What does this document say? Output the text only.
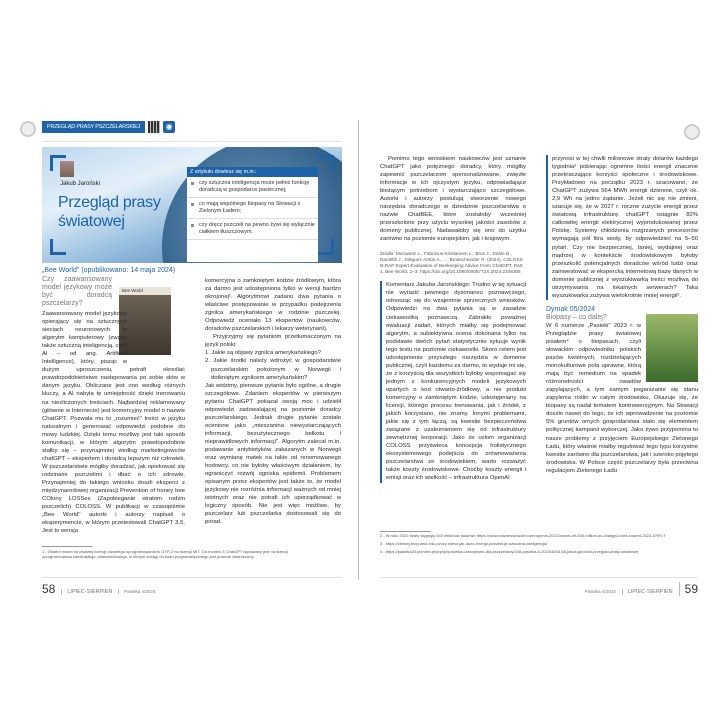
PRZEGLĄD PRASY PSZCZELARSKIEJ	◉
Jakub Jaroński
Przegląd prasy
światowej
Z artykułu dowiesz się m.in.:
czy sztuczna inteligencja może pełnić funkcję doradczą w gospodarce pasiecznej;
co mają wspólnego biopasy na Słowacji z Zielonym Ładem;
czy dręcz pszczeli na pewno żywi się wyłącznie ciałkiem tłuszczowym.
„Bee World" (opublikowano: 14 maja 2024)
Bee World
Czy zaawansowany model językowy może być doradcą pszczelarzy?

Zaawansowany model językowy opierający się na sztucznych sieciach neuronowych to algorytm komputerowy (zwany także sztuczną inteligencją, czyli AI – od ang. Artificial Intelligence), który, pisząc w dużym uproszczeniu, potrafi określać prawdopodobieństwo następowania po sobie słów w danym języku. Obliczane jest ono według różnych kluczy, a AI nabyła tę umiejętność dzięki trenowaniu na niezliczonych treściach. Najbardziej reklamowany (głównie w Internecie) jest komercyjny model o nazwie ChatGPT. Pozwala mu to „rozumieć" treści w języku naturalnym i generować odpowiedzi podobne do mowy ludzkiej. Dzięki temu możliwy jest taki sposób komunikacji, w którym algorytm prawdopodobnie stałby się – przynajmniej według marketingowców chatGPT – ekspertem i doradcą lepszym niż człowiek. W pszczelarstwie mógłby doradzać, jak opiekować się rodzinami pszczelimi i dbać o ich zdrowie. Przynajmniej do takiego wniosku doszli eksperci z międzynarodowej organizacji Prevention of honey bee COlony LOSSes (Zapobieganie stratom rodzin pszczelich) COLOSS. W publikacji w czasopiśmie „Bee World" autorki i autorzy napisali o eksperymencie, w którym przetestowali ChatGPT 3.5. Jest to wersja

komercyjna o zamkniętym kodzie źródłowym, która za darmo jest udostępniona tylko w wersji bardzo okrojonej¹. Algorytmowi zadano dwa pytania o właściwe postępowanie w przypadku podejrzenia zgnilca amerykańskiego w rodzinie pszczelej. Odpowiedź oceniało 13 ekspertów (naukowców, doradców pszczelarskich i lekarzy weterynarii).

Przyjrzyjmy się pytaniom przetłumaczonym na język polski:

1. Jakie są objawy zgnilca amerykańskiego?

2. Jakie środki należy wdrożyć w gospodarstwie pszczelarskim położonym w Norwegii i dotkniętym zgnilcem amerykańskim?

Jak widzimy, pierwsze pytanie było ogólne, a drugie szczegółowe. Zdaniem ekspertów w pierwszym pytaniu ChatGPT pokazał swoją moc i udzielił odpowiedzi zadowalającej na poziomie doradcy pszczelarskiego. Jednak drugie pytanie zostało ocenione jako „mieszanina niewystarczających informacji, bezużytecznego bełkotu i nieprawidłowych informacji". Algorytm zalecał m.in. podawanie antybiotyków zakazanych w Norwegii oraz wymianę matek na takie od renomowanego hodowcy, co nie byłoby właściwym działaniem, by ograniczyć rozwój ogniska epidemii. Problemem opisanym przez ekspertów jest także to, że model językowy nie rozróżnia informacji ważnych od mniej istotnych oraz nie potrafi ich uporządkować w logiczny sposób. Nie jest więc możliwe, by pszczelarz lub pszczelarka dostosowali się do porad.

1 - Ostatni model na otwartej licencji otwartego oprogramowania to GTP-2 na licencji MIT. Od modelu 3 ChatGPT wydawany jest na licencji oprogramowania zamkniętego, własnościowego, w którym dostęp do kodu programistycznego jest prawnie zastrzeżony.
58	LIPIEC-SIERPIEŃ	Pasieka 4/2024

Pomimo tego wnioskiem naukowców jest uznanie ChatGPT jako potężnego doradcy, który mógłby zapewnić pszczelarzom spersonalizowane, zwięzłe informacje w ich ojczystym języku, odpowiadające bieżącym potrzebom i wystarczająco szczegółowe. Autorki i autorzy postulują stworzenie nowego narzędzia doradczego w dziedzinie pszczelarstwa o nazwie ChatBEE, które zostałoby wcześniej przeszkolone przy użyciu wysokiej jakości zasobów z domeny publicznej. Nadawałoby się ono do użytku zarówno na poziomie europejskim, jak i krajowym.

Źródło: Morawetz L., Fabricius Kristiansen L., Brus J., Dahle B., Danihlík J., Diéguez-Antón A., … Brodschneider R. (2024). COLOSS B-RAP Expert Evaluation of Beekeeping Advice From ChatGPT, Part 1. Bee World, 1–3. https://doi.org/10.1080/0005772X.2024.2348305

Komentarz Jakuba Jarońskiego: Trudno w tej sytuacji nie wyrazić pewnego dysonansu poznawczego, odnosząc się do wzajemnie sprzecznych wniosków. Odpowiedzi na dwa pytania są w zasadzie ciekawostką poznawczą. Zabrakło poważnej ewaluacji zadań, których miałby się podejmować algorytm, a subiektywna ocena dokonana tylko na podstawie dwóch pytań statystycznie sytuuje wynik tego testu na poziomie ciekawostki. Skoro celem jest udostępnienie przyszłego narzędzia w domenie publicznej, czyli każdemu za darmo, to wydaje mi się, że z korzyścią dla wszystkich byłoby wspomagać się jednym z konkurencyjnych modeli językowych opartych o kod otwarto-źródłowy, a nie produkt komercyjny o zamkniętym kodzie, udostępniany na licencji, którego procesu trenowania, jak i źródeł, z jakich korzystano, nie znamy. Innymi problemami, jakie się z tym łączą, są kwestie bezpieczeństwa związane z uzależnieniem się od infrastruktury zewnętrznej korporacji. Jako że celom organizacji COLOSS przyświeca koncepcja holistycznego ekosystemowego podejścia do zrównoważenia pszczelarstwa ze środowiskiem, warto rozważyć także koszty środowiskowe. Choćby koszty energii i emisji oraz ich wielkość – infrastruktura OpenAI

przynosi w tej chwili milionowe straty dolarów każdego tygodnia² pobierając ogromne ilości energii znacznie przekraczające korzyści społeczne i środowiskowe. Przykładowo na początku 2023 r. szacowano, że ChatGPT zużywa 564 MWh energii dziennie, czyli ok. 2,9 Wh na jedno żądanie. Jeżeli nic się nie zmieni, szacuje się, że w 2027 r. roczne zużycie energii przez światową infrastrukturę chatGPT osiągnie 82% całkowitej energii elektrycznej wyprodukowanej przez Polskę. Systemy chłodzenia rozgrzanych procesorów wymagają pół litra wody, by odpowiedzieć na 5–50 pytań. Czy nie bezpieczniej, taniej, wydajniej oraz mądrzej w kontekście środowiskowym byłoby przeszkolić potencjalnych doradców wśród ludzi oraz zainwestować w ekspercką internetową bazę danych w domenie publicznej z wyszukiwarką treści możliwą do utrzymywania na lokalnych serwerach? Taka wyszukiwarka zużywa wielokrotnie mniej energii³.

Dymak 05/2024
Biopasy – co dalej?

W 6 numerze „Pasieki" 2023 r. w Przeglądzie prasy światowej pisałem⁴ o biopasach, czyli słowackim odpowiedniku polskich pasów kwietnych, rozdzielających monokulturowe pola uprawne, którą mają być remedium na spadek różnorodności owadów zapylających, a tym samym pogarszanie się stanu zapylenia roślin w całym środowisku. Okazuje się, że biopasy są nadal tematem kontrowersyjnym. Na Słowacji doszło nawet do tego, że ich wprowadzenie na poziomie 5% gruntów ornych gospodarstwa stało się elementem politycznej kampanii wyborczej. Jako żywo przypomina to nasze problemy z przyjęciem Europejskiego Zielonego Ładu, który właśnie miałby regulować tego typu korzystne kwestie zarówno dla pszczelarstwa, jak i szeroko pojętego środowiska. W Polsce część pszczelarzy była przeciwna regulacjom Zielonego Ładu

2 - W roku 2022 straty sięgnęły 540 milionów dolarów: https://www.businessinsider.com/openai-2022-losses-hit-540-million-as-chatgpt-costs-soared-2023-5?IR=T
3 - https://zielony.blog.wsiz.edu.pl/czy-wiesz-jak-duzo-energii-potrzebuje-sztuczna-inteligencja/
4 - https://pasieka24.pl/index.php/pl/pl/pasieka-czasopismo-dla-pszczelarzy/248-pasieka-6-2023/4843-58-jakub-jaronski-przeglad-prasy-swiatowej
Pasieka 4/2024	LIPIEC-SIERPIEŃ	59
